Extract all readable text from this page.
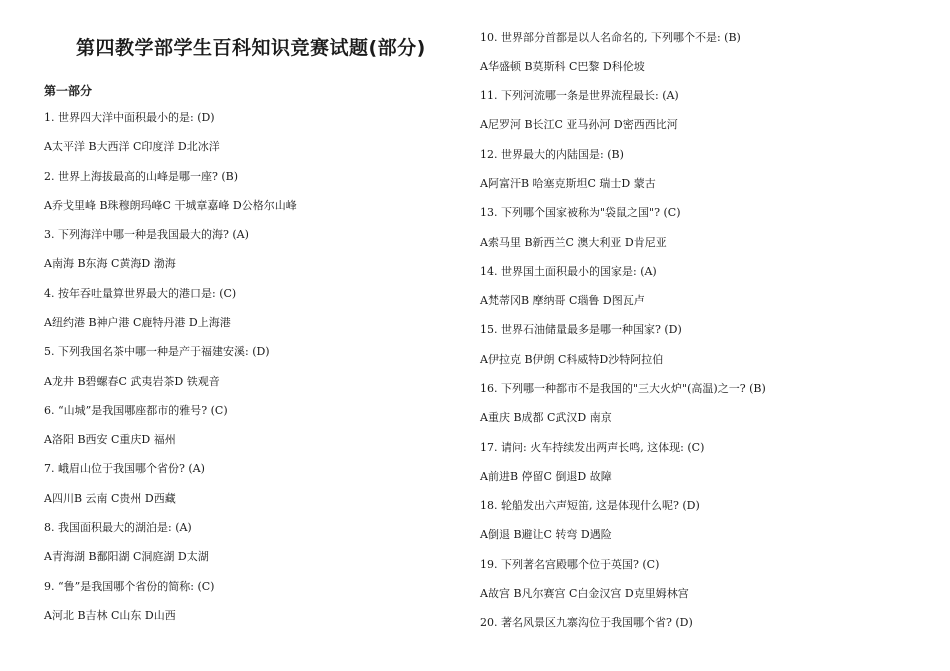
第四教学部学生百科知识竞赛试题(部分)
第一部分
1. 世界四大洋中面积最小的是: (D)
A太平洋 B大西洋 C印度洋 D北冰洋
2. 世界上海拔最高的山峰是哪一座? (B)
A乔戈里峰 B珠穆朗玛峰C 干城章嘉峰 D公格尔山峰
3. 下列海洋中哪一种是我国最大的海? (A)
A南海 B东海 C黄海D 渤海
4. 按年吞吐量算世界最大的港口是: (C)
A纽约港 B神户港 C鹿特丹港 D上海港
5. 下列我国名茶中哪一种是产于福建安溪: (D)
A龙井 B碧螺春C 武夷岩茶D 铁观音
6. “山城”是我国哪座都市的雅号? (C)
A洛阳 B西安 C重庆D 福州
7. 峨眉山位于我国哪个省份? (A)
A四川B 云南 C贵州 D西藏
8. 我国面积最大的湖泊是: (A)
A青海湖 B鄱阳湖 C洞庭湖 D太湖
9. “鲁”是我国哪个省份的简称: (C)
A河北 B吉林 C山东 D山西
10. 世界部分首都是以人名命名的, 下列哪个不是: (B)
A华盛顿 B莫斯科 C巴黎 D科伦坡
11. 下列河流哪一条是世界流程最长: (A)
A尼罗河 B长江C 亚马孙河 D密西西比河
12. 世界最大的内陆国是: (B)
A阿富汗B 哈塞克斯坦C 瑞士D 蒙古
13. 下列哪个国家被称为"袋鼠之国"? (C)
A索马里 B新西兰C 澳大利亚 D肯尼亚
14. 世界国土面积最小的国家是: (A)
A梵蒂冈B 摩纳哥 C瑙鲁 D图瓦卢
15. 世界石油储量最多是哪一种国家? (D)
A伊拉克 B伊朗 C科威特D沙特阿拉伯
16. 下列哪一种都市不是我国的"三大火炉"(高温)之一? (B)
A重庆 B成都 C武汉D 南京
17. 请问: 火车持续发出两声长鸣, 这体现: (C)
A前进B 停留C 倒退D 故障
18. 轮船发出六声短笛, 这是体现什么呢? (D)
A倒退 B避让C 转弯 D遇险
19. 下列著名宫殿哪个位于英国? (C)
A故宫 B凡尔赛宫 C白金汉宫 D克里姆林宫
20. 著名风景区九寨沟位于我国哪个省? (D)
